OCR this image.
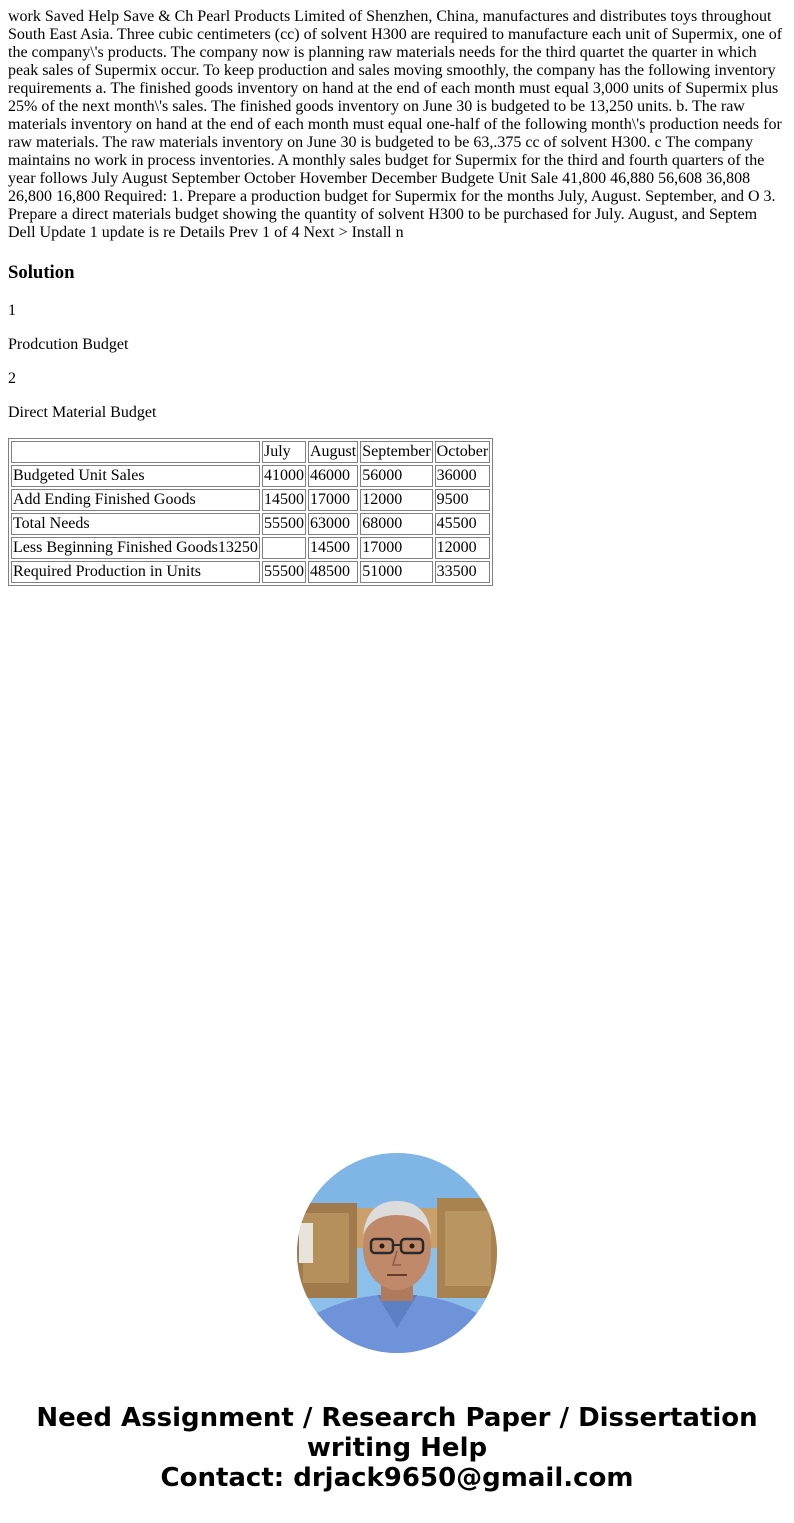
work Saved Help Save & Ch Pearl Products Limited of Shenzhen, China, manufactures and distributes toys throughout South East Asia. Three cubic centimeters (cc) of solvent H300 are required to manufacture each unit of Supermix, one of the company\'s products. The company now is planning raw materials needs for the third quartet the quarter in which peak sales of Supermix occur. To keep production and sales moving smoothly, the company has the following inventory requirements a. The finished goods inventory on hand at the end of each month must equal 3,000 units of Supermix plus 25% of the next month\'s sales. The finished goods inventory on June 30 is budgeted to be 13,250 units. b. The raw materials inventory on hand at the end of each month must equal one-half of the following month\'s production needs for raw materials. The raw materials inventory on June 30 is budgeted to be 63,.375 cc of solvent H300. c The company maintains no work in process inventories. A monthly sales budget for Supermix for the third and fourth quarters of the year follows July August September October Hovember December Budgete Unit Sale 41,800 46,880 56,608 36,808 26,800 16,800 Required: 1. Prepare a production budget for Supermix for the months July, August. September, and O 3. Prepare a direct materials budget showing the quantity of solvent H300 to be purchased for July. August, and Septem Dell Update 1 update is re Details Prev 1 of 4 Next > Install n
Solution

1

Prodcution Budget

2

Direct Material Budget

	July	August	September	October
Budgeted Unit Sales	41000	46000	56000	36000
Add Ending Finished Goods	14500	17000	12000	9500
Total Needs	55500	63000	68000	45500
Less Beginning Finished Goods13250		14500	17000	12000
Required Production in Units	55500	48500	51000	33500
Need Assignment / Research Paper / Dissertation
writing Help
Contact: drjack9650@gmail.com
